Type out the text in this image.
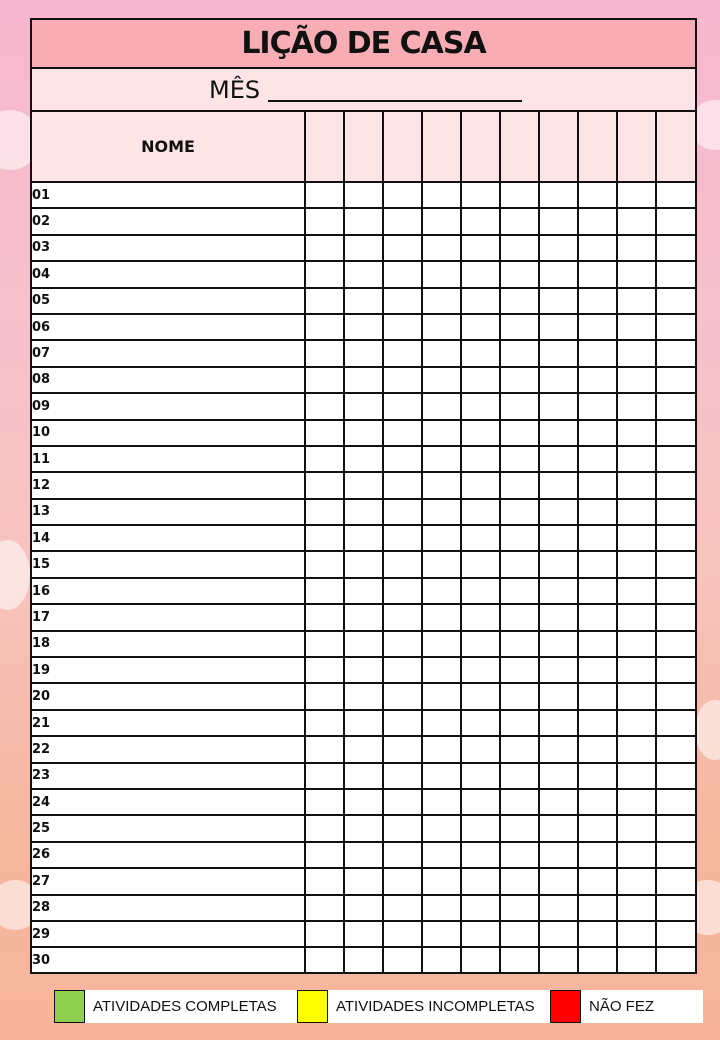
LIÇÃO DE CASA
MÊS
NOME										
01										
02										
03										
04										
05										
06										
07										
08										
09										
10										
11										
12										
13										
14										
15										
16										
17										
18										
19										
20										
21										
22										
23										
24										
25										
26										
27										
28										
29										
30										
ATIVIDADES COMPLETAS	ATIVIDADES INCOMPLETAS	NÃO FEZ
